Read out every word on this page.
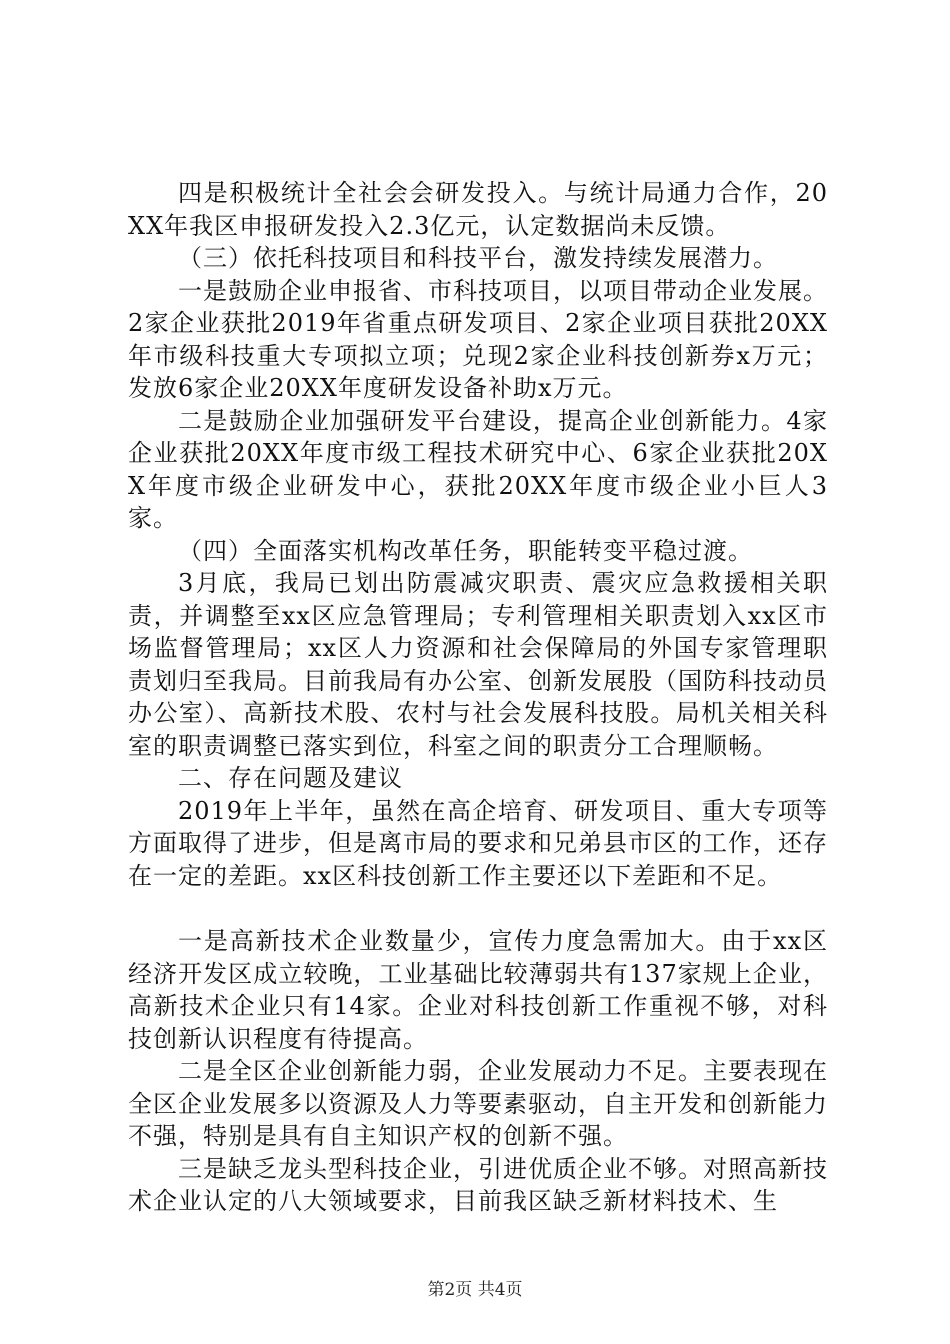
四是积极统计全社会会研发投入。与统计局通力合作，20XX年我区申报研发投入2.3亿元，认定数据尚未反馈。

（三）依托科技项目和科技平台，激发持续发展潜力。

一是鼓励企业申报省、市科技项目，以项目带动企业发展。2家企业获批2019年省重点研发项目、2家企业项目获批20XX年市级科技重大专项拟立项；兑现2家企业科技创新券x万元；发放6家企业20XX年度研发设备补助x万元。

二是鼓励企业加强研发平台建设，提高企业创新能力。4家企业获批20XX年度市级工程技术研究中心、6家企业获批20XX年度市级企业研发中心，获批20XX年度市级企业小巨人3家。

（四）全面落实机构改革任务，职能转变平稳过渡。

3月底，我局已划出防震减灾职责、震灾应急救援相关职责，并调整至xx区应急管理局；专利管理相关职责划入xx区市场监督管理局；xx区人力资源和社会保障局的外国专家管理职责划归至我局。目前我局有办公室、创新发展股（国防科技动员办公室）、高新技术股、农村与社会发展科技股。局机关相关科室的职责调整已落实到位，科室之间的职责分工合理顺畅。

二、存在问题及建议

2019年上半年，虽然在高企培育、研发项目、重大专项等方面取得了进步，但是离市局的要求和兄弟县市区的工作，还存在一定的差距。xx区科技创新工作主要还以下差距和不足。

一是高新技术企业数量少，宣传力度急需加大。由于xx区经济开发区成立较晚，工业基础比较薄弱共有137家规上企业，高新技术企业只有14家。企业对科技创新工作重视不够，对科技创新认识程度有待提高。

二是全区企业创新能力弱，企业发展动力不足。主要表现在全区企业发展多以资源及人力等要素驱动，自主开发和创新能力不强，特别是具有自主知识产权的创新不强。

三是缺乏龙头型科技企业，引进优质企业不够。对照高新技术企业认定的八大领域要求，目前我区缺乏新材料技术、生

第2页 共4页
